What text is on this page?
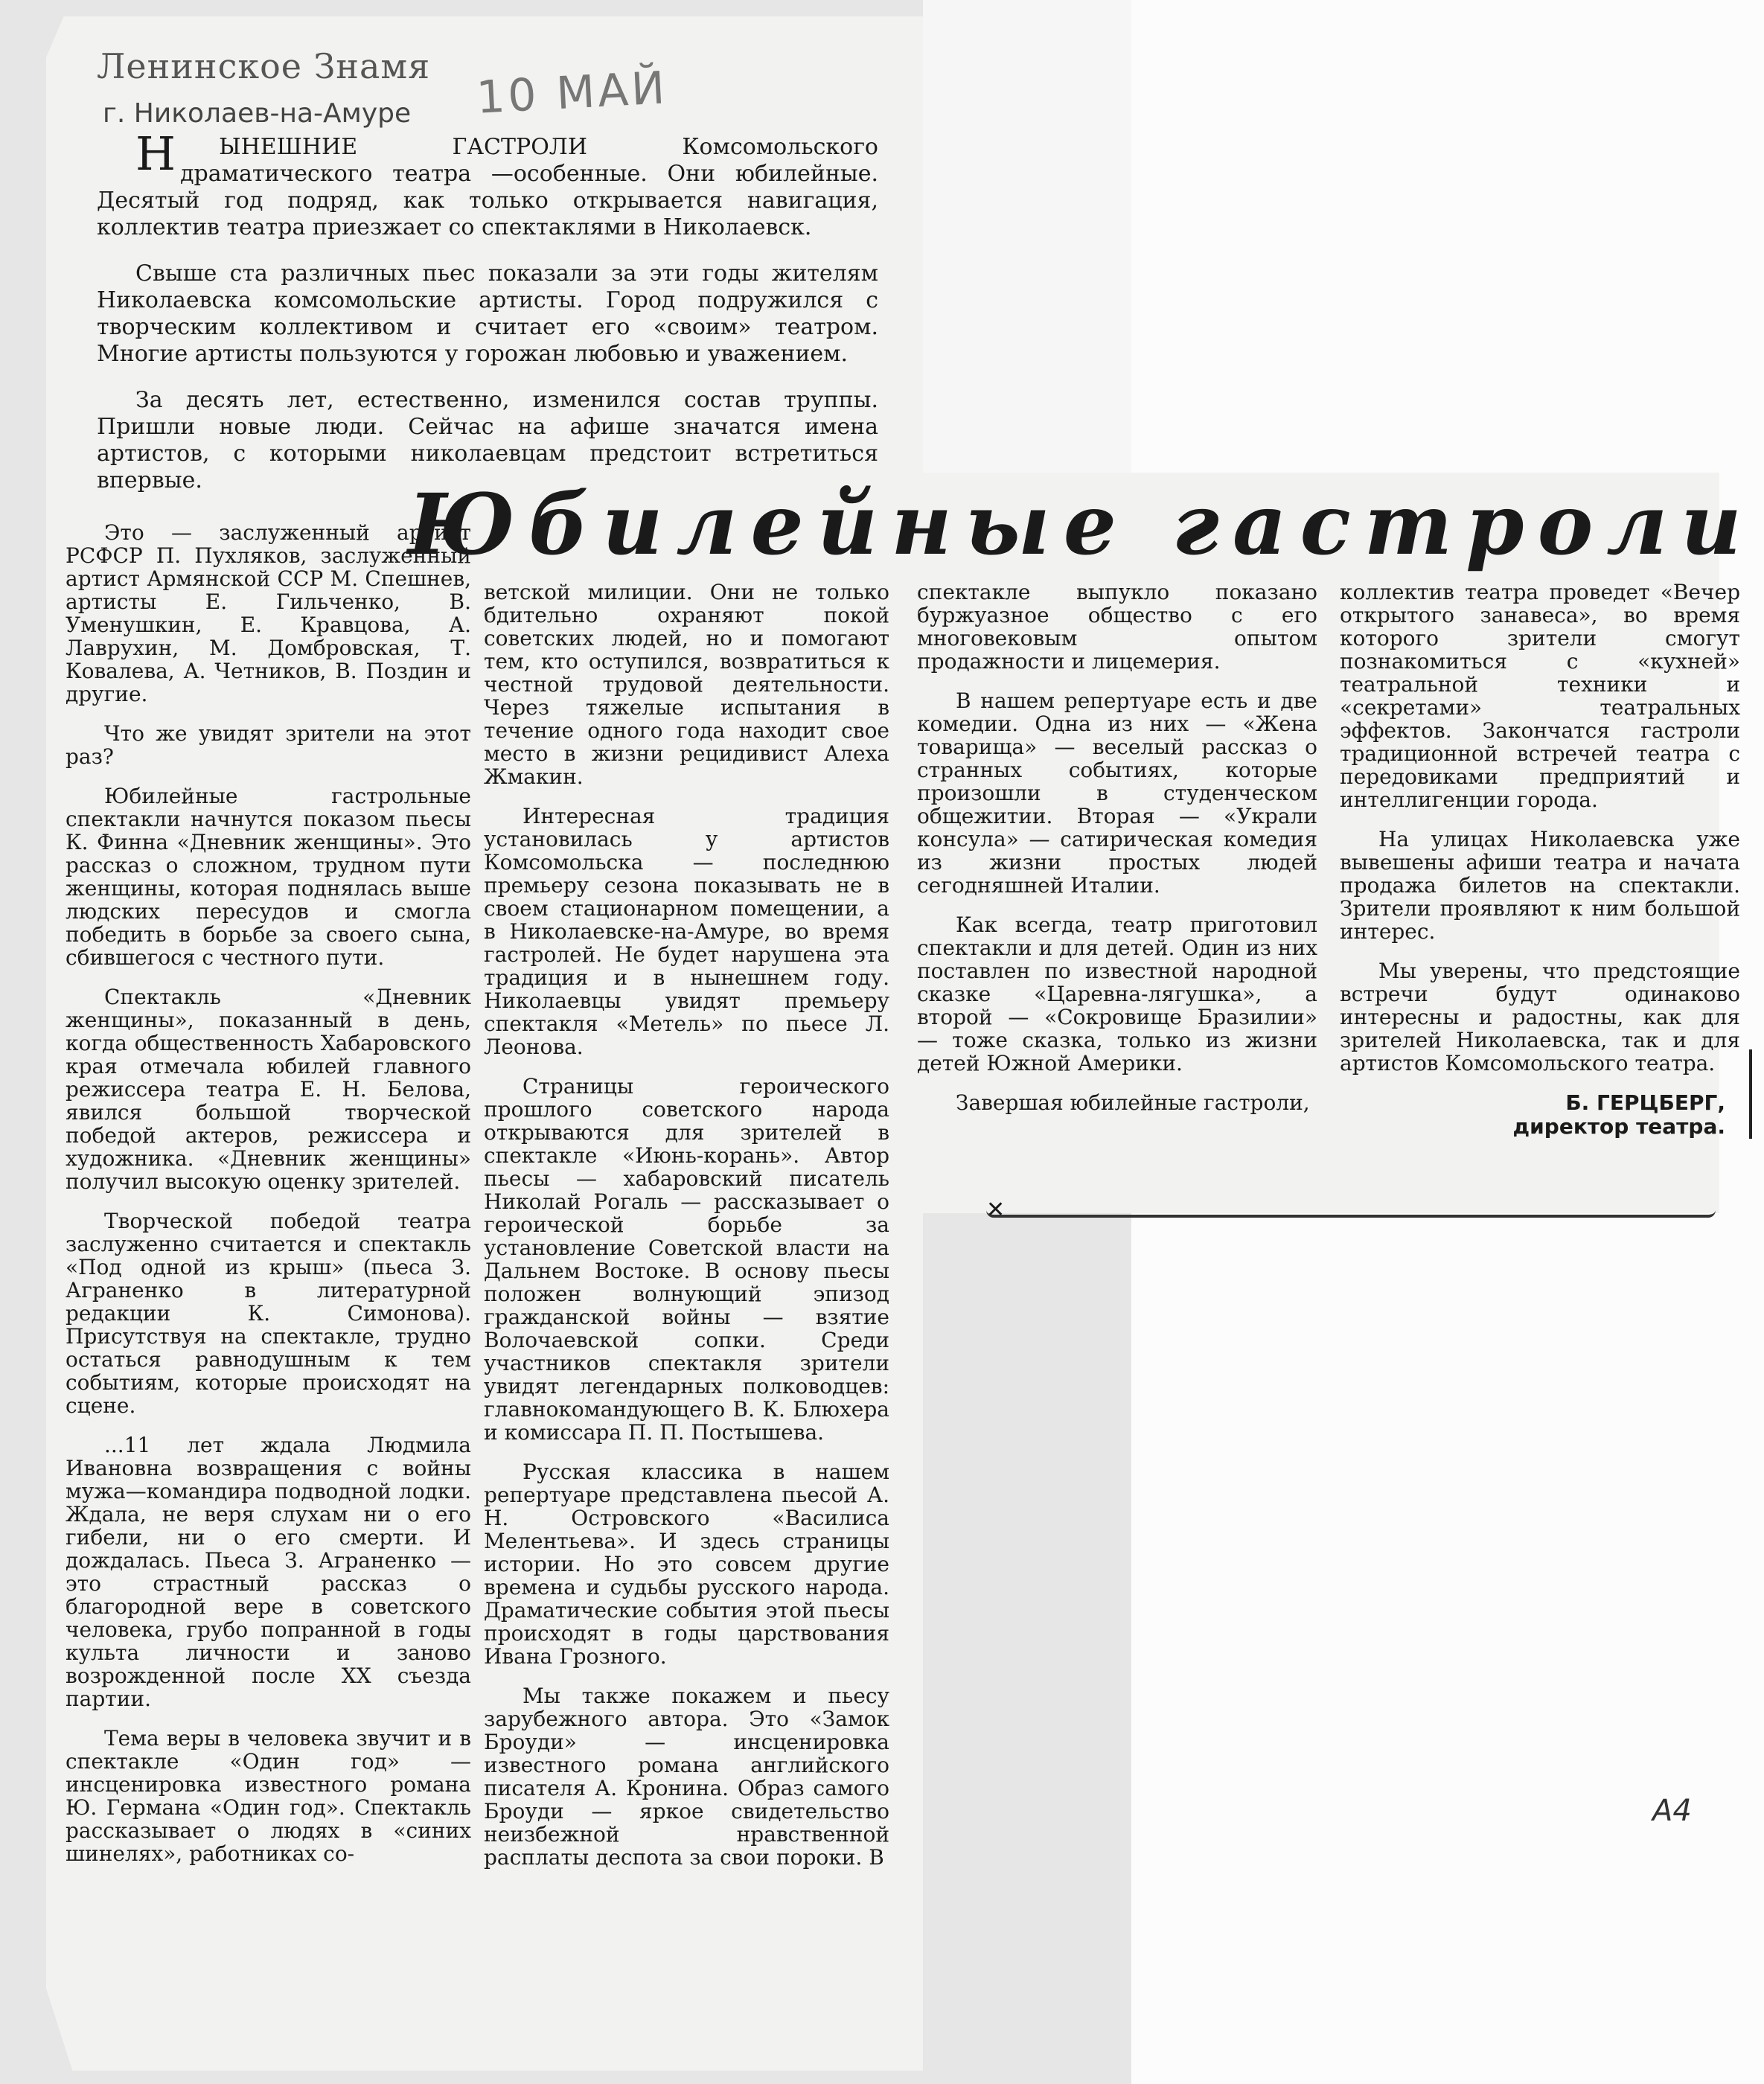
Ленинское Знамя
г. Николаев-на-Амуре 10 МАЙ

НЫНЕШНИЕ ГАСТРОЛИ Комсомольского драматического театра —особенные. Они юбилейные. Десятый год подряд, как только открывается навигация, коллектив театра приезжает со спектаклями в Николаевск.

Свыше ста различных пьес показали за эти годы жителям Николаевска комсомольские артисты. Город подружился с творческим коллективом и считает его «своим» театром. Многие артисты пользуются у горожан любовью и уважением.

За десять лет, естественно, изменился состав труппы. Пришли новые люди. Сейчас на афише значатся имена артистов, с которыми николаевцам предстоит встретиться впервые.	Юбилейные гастроли

Это — заслуженный артист РСФСР П. Пухляков, заслуженный артист Армянской ССР М. Спешнев, артисты Е. Гильченко, В. Уменушкин, Е. Кравцова, А. Лаврухин, М. Домбровская, Т. Ковалева, А. Четников, В. Поздин и другие.

Что же увидят зрители на этот раз?

Юбилейные гастрольные спектакли начнутся показом пьесы К. Финна «Дневник женщины». Это рассказ о сложном, трудном пути женщины, которая поднялась выше людских пересудов и смогла победить в борьбе за своего сына, сбившегося с честного пути.

Спектакль «Дневник женщины», показанный в день, когда общественность Хабаровского края отмечала юбилей главного режиссера театра Е. Н. Белова, явился большой творческой победой актеров, режиссера и художника. «Дневник женщины» получил высокую оценку зрителей.

Творческой победой театра заслуженно считается и спектакль «Под одной из крыш» (пьеса З. Аграненко в литературной редакции К. Симонова). Присутствуя на спектакле, трудно остаться равнодушным к тем событиям, которые происходят на сцене.

...11 лет ждала Людмила Ивановна возвращения с войны мужа—командира подводной лодки. Ждала, не веря слухам ни о его гибели, ни о его смерти. И дождалась. Пьеса З. Аграненко — это страстный рассказ о благородной вере в советского человека, грубо попранной в годы культа личности и заново возрожденной после XX съезда партии.

Тема веры в человека звучит и в спектакле «Один год» — инсценировка известного романа Ю. Германа «Один год». Спектакль рассказывает о людях в «синих шинелях», работниках со-

ветской милиции. Они не только бдительно охраняют покой советских людей, но и помогают тем, кто оступился, возвратиться к честной трудовой деятельности. Через тяжелые испытания в течение одного года находит свое место в жизни рецидивист Алеха Жмакин.

Интересная традиция установилась у артистов Комсомольска — последнюю премьеру сезона показывать не в своем стационарном помещении, а в Николаевске-на-Амуре, во время гастролей. Не будет нарушена эта традиция и в нынешнем году. Николаевцы увидят премьеру спектакля «Метель» по пьесе Л. Леонова.

Страницы героического прошлого советского народа открываются для зрителей в спектакле «Июнь-корань». Автор пьесы — хабаровский писатель Николай Рогаль — рассказывает о героической борьбе за установление Советской власти на Дальнем Востоке. В основу пьесы положен волнующий эпизод гражданской войны — взятие Волочаевской сопки. Среди участников спектакля зрители увидят легендарных полководцев: главнокомандующего В. К. Блюхера и комиссара П. П. Постышева.

Русская классика в нашем репертуаре представлена пьесой А. Н. Островского «Василиса Мелентьева». И здесь страницы истории. Но это совсем другие времена и судьбы русского народа. Драматические события этой пьесы происходят в годы царствования Ивана Грозного.

Мы также покажем и пьесу зарубежного автора. Это «Замок Броуди» — инсценировка известного романа английского писателя А. Кронина. Образ самого Броуди — яркое свидетельство неизбежной нравственной расплаты деспота за свои пороки. В

спектакле выпукло показано буржуазное общество с его многовековым опытом продажности и лицемерия.

В нашем репертуаре есть и две комедии. Одна из них — «Жена товарища» — веселый рассказ о странных событиях, которые произошли в студенческом общежитии. Вторая — «Украли консула» — сатирическая комедия из жизни простых людей сегодняшней Италии.

Как всегда, театр приготовил спектакли и для детей. Один из них поставлен по известной народной сказке «Царевна-лягушка», а второй — «Сокровище Бразилии» — тоже сказка, только из жизни детей Южной Америки.

Завершая юбилейные гастроли,

коллектив театра проведет «Вечер открытого занавеса», во время которого зрители смогут познакомиться с «кухней» театральной техники и «секретами» театральных эффектов. Закончатся гастроли традиционной встречей театра с передовиками предприятий и интеллигенции города.

На улицах Николаевска уже вывешены афиши театра и начата продажа билетов на спектакли. Зрители проявляют к ним большой интерес.

Мы уверены, что предстоящие встречи будут одинаково интересны и радостны, как для зрителей Николаевска, так и для артистов Комсомольского театра.

Б. ГЕРЦБЕРГ,

директор театра.

✕
А4
